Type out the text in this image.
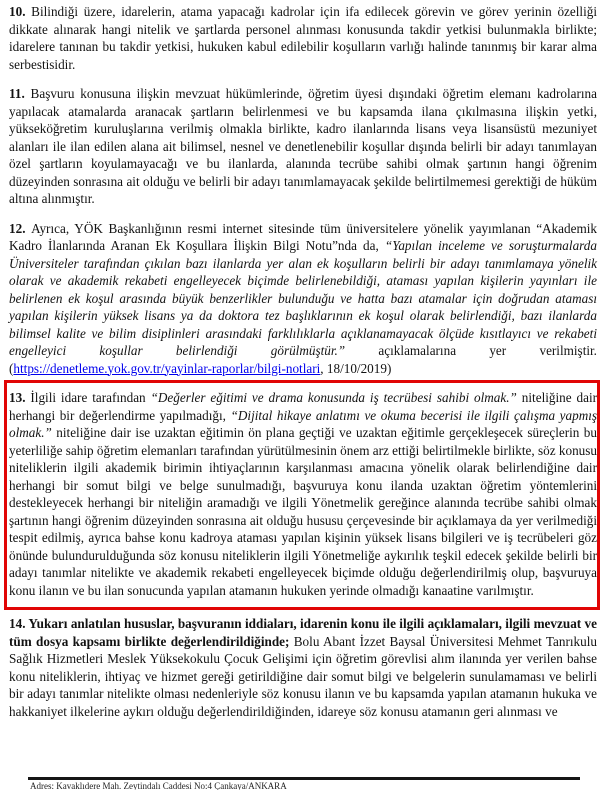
10. Bilindiği üzere, idarelerin, atama yapacağı kadrolar için ifa edilecek görevin ve görev yerinin özelliği dikkate alınarak hangi nitelik ve şartlarda personel alınması konusunda takdir yetkisi bulunmakla birlikte; idarelere tanınan bu takdir yetkisi, hukuken kabul edilebilir koşulların varlığı halinde tanınmış bir karar alma serbestisidir.

11. Başvuru konusuna ilişkin mevzuat hükümlerinde, öğretim üyesi dışındaki öğretim elemanı kadrolarına yapılacak atamalarda aranacak şartların belirlenmesi ve bu kapsamda ilana çıkılmasına ilişkin yetki, yükseköğretim kuruluşlarına verilmiş olmakla birlikte, kadro ilanlarında lisans veya lisansüstü mezuniyet alanları ile ilan edilen alana ait bilimsel, nesnel ve denetlenebilir koşullar dışında belirli bir adayı tanımlayan özel şartların koyulamayacağı ve bu ilanlarda, alanında tecrübe sahibi olmak şartının hangi öğrenim düzeyinden sonrasına ait olduğu ve belirli bir adayı tanımlamayacak şekilde belirtilmemesi gerektiği de hüküm altına alınmıştır.

12. Ayrıca, YÖK Başkanlığının resmi internet sitesinde tüm üniversitelere yönelik yayımlanan “Akademik Kadro İlanlarında Aranan Ek Koşullara İlişkin Bilgi Notu”nda da, “Yapılan inceleme ve soruşturmalarda Üniversiteler tarafından çıkılan bazı ilanlarda yer alan ek koşulların belirli bir adayı tanımlamaya yönelik olarak ve akademik rekabeti engelleyecek biçimde belirlenebildiği, ataması yapılan kişilerin yayınları ile belirlenen ek koşul arasında büyük benzerlikler bulunduğu ve hatta bazı atamalar için doğrudan ataması yapılan kişilerin yüksek lisans ya da doktora tez başlıklarının ek koşul olarak belirlendiği, bazı ilanlarda bilimsel kalite ve bilim disiplinleri arasındaki farklılıklarla açıklanamayacak ölçüde kısıtlayıcı ve rekabeti engelleyici koşullar belirlendiği görülmüştür.” açıklamalarına yer verilmiştir. (https://denetleme.yok.gov.tr/yayinlar-raporlar/bilgi-notlari, 18/10/2019)

13. İlgili idare tarafından “Değerler eğitimi ve drama konusunda iş tecrübesi sahibi olmak.” niteliğine dair herhangi bir değerlendirme yapılmadığı, “Dijital hikaye anlatımı ve okuma becerisi ile ilgili çalışma yapmış olmak.” niteliğine dair ise uzaktan eğitimin ön plana geçtiği ve uzaktan eğitimle gerçekleşecek süreçlerin bu yeterliliğe sahip öğretim elemanları tarafından yürütülmesinin önem arz ettiği belirtilmekle birlikte, söz konusu niteliklerin ilgili akademik birimin ihtiyaçlarının karşılanması amacına yönelik olarak belirlendiğine dair herhangi bir somut bilgi ve belge sunulmadığı, başvuruya konu ilanda uzaktan öğretim yöntemlerini destekleyecek herhangi bir niteliğin aramadığı ve ilgili Yönetmelik gereğince alanında tecrübe sahibi olmak şartının hangi öğrenim düzeyinden sonrasına ait olduğu hususu çerçevesinde bir açıklamaya da yer verilmediği tespit edilmiş, ayrıca bahse konu kadroya ataması yapılan kişinin yüksek lisans bilgileri ve iş tecrübeleri göz önünde bulundurulduğunda söz konusu niteliklerin ilgili Yönetmeliğe aykırılık teşkil edecek şekilde belirli bir adayı tanımlar nitelikte ve akademik rekabeti engelleyecek biçimde olduğu değerlendirilmiş olup, başvuruya konu ilanın ve bu ilan sonucunda yapılan atamanın hukuken yerinde olmadığı kanaatine varılmıştır.

14. Yukarı anlatılan hususlar, başvuranın iddiaları, idarenin konu ile ilgili açıklamaları, ilgili mevzuat ve tüm dosya kapsamı birlikte değerlendirildiğinde; Bolu Abant İzzet Baysal Üniversitesi Mehmet Tanrıkulu Sağlık Hizmetleri Meslek Yüksekokulu Çocuk Gelişimi için öğretim görevlisi alım ilanında yer verilen bahse konu niteliklerin, ihtiyaç ve hizmet gereği getirildiğine dair somut bilgi ve belgelerin sunulamaması ve belirli bir adayı tanımlar nitelikte olması nedenleriyle söz konusu ilanın ve bu kapsamda yapılan atamanın hukuka ve hakkaniyet ilkelerine aykırı olduğu değerlendirildiğinden, idareye söz konusu atamanın geri alınması ve

Adres: Kavaklıdere Mah. Zeytindalı Caddesi No:4 Çankaya/ANKARA
